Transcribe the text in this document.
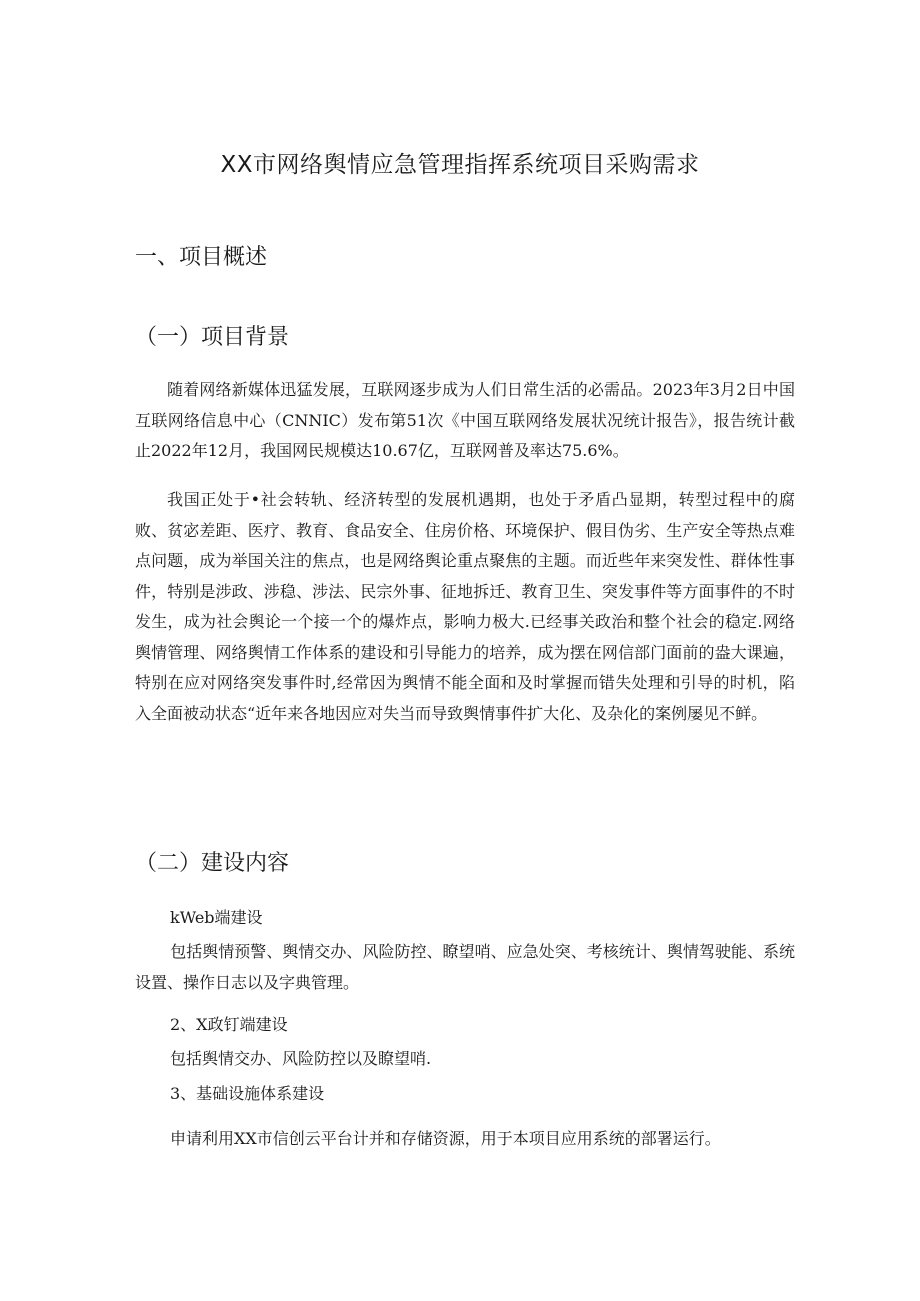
XX市网络舆情应急管理指挥系统项目采购需求
一、项目概述
（一）项目背景
随着网络新媒体迅猛发展，互联网逐步成为人们日常生活的必需品。2023年3月2日中国互联网络信息中心（CNNIC）发布第51次《中国互联网络发展状况统计报告》，报告统计截止2022年12月，我国网民规模达10.67亿，互联网普及率达75.6%。
我国正处于•社会转轨、经济转型的发展机遇期，也处于矛盾凸显期，转型过程中的腐败、贫宓差距、医疗、教育、食品安全、住房价格、环境保护、假目伪劣、生产安全等热点难点问题，成为举国关注的焦点，也是网络舆论重点聚焦的主题。而近些年来突发性、群体性事件，特别是涉政、涉稳、涉法、民宗外事、征地拆迁、教育卫生、突发事件等方面事件的不时发生，成为社会舆论一个接一个的爆炸点，影响力极大.已经事关政治和整个社会的稳定.网络舆情管理、网络舆情工作体系的建设和引导能力的培养，成为摆在网信部门面前的盎大课遍，特别在应对网络突发事件时,经常因为舆情不能全面和及时掌握而错失处理和引导的时机，陷入全面被动状态“近年来各地因应对失当而导致舆情事件扩大化、及杂化的案例屡见不鲜。
（二）建设内容
kWeb端建设
包括舆情预警、舆情交办、风险防控、瞭望哨、应急处突、考核统计、舆情驾驶能、系统设置、操作日志以及字典管理。
2、X政钉端建设
包括舆情交办、风险防控以及瞭望哨.
3、基础设施体系建设
申请利用XX市信创云平台计并和存储资源，用于本项目应用系统的部署运行。
